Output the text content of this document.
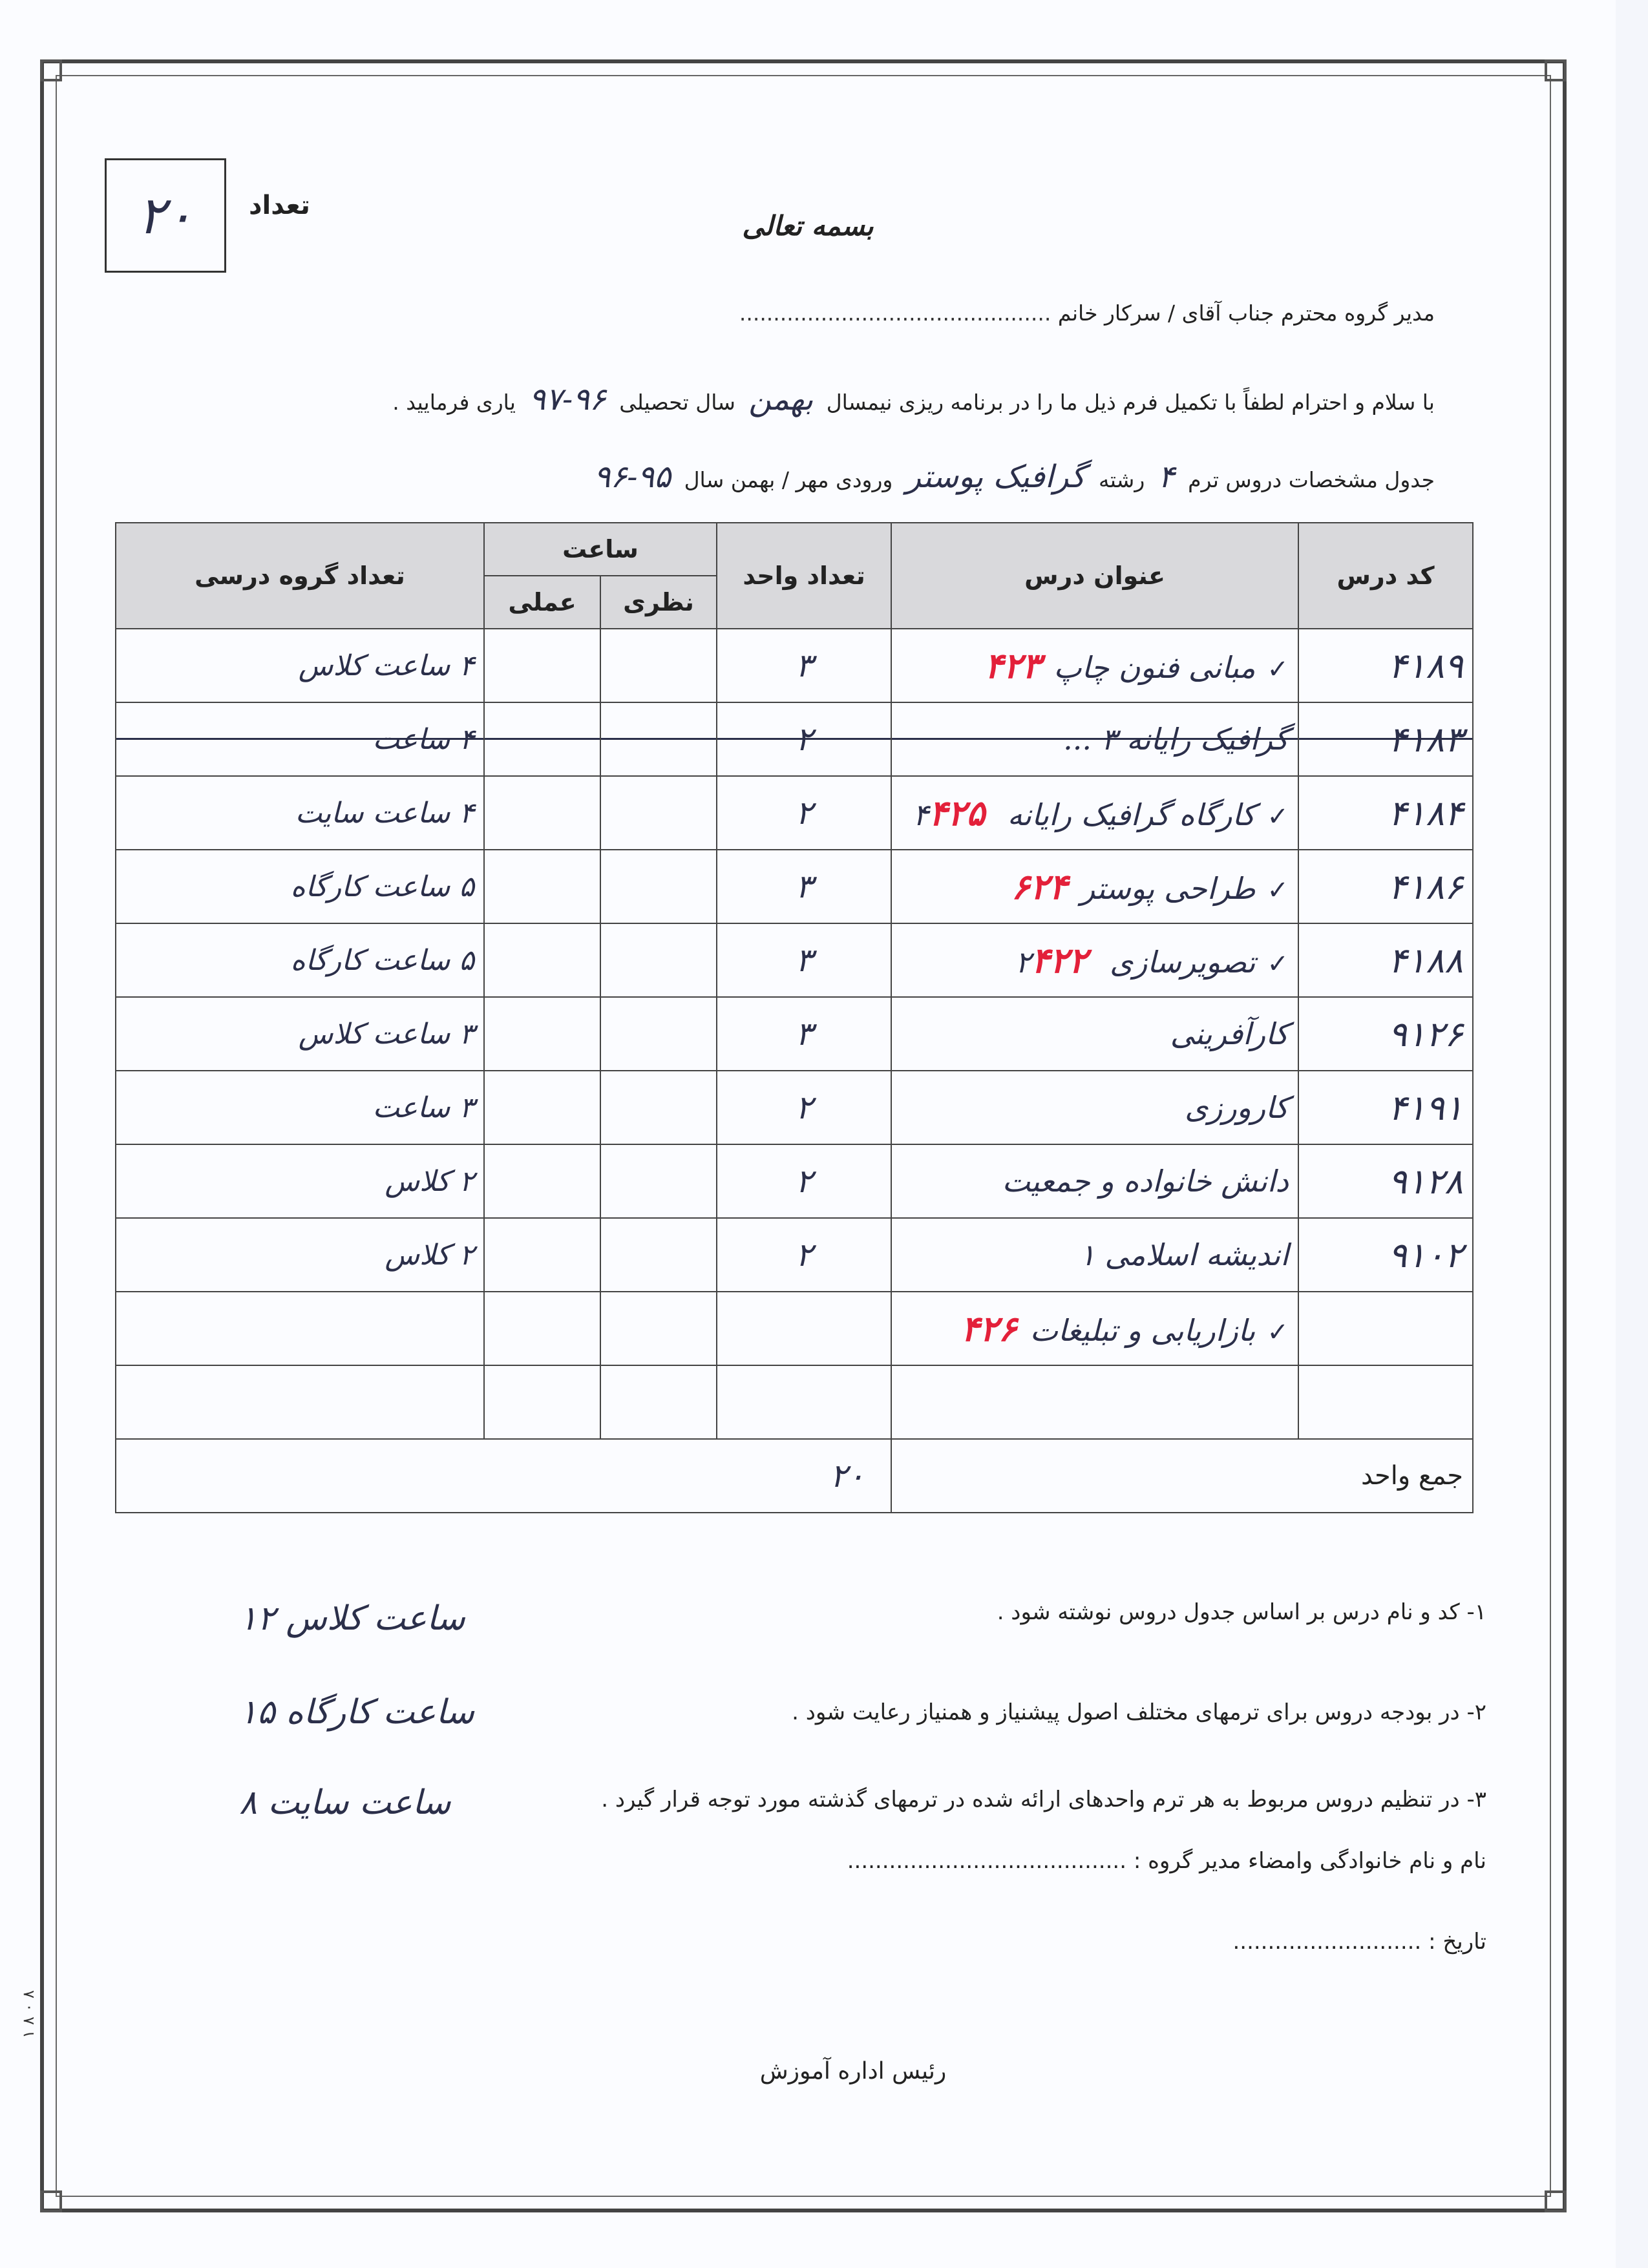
۲۰ تعداد
بسمه تعالی
مدیر گروه محترم جناب آقای / سرکار خانم ..............................................
با سلام و احترام لطفاً با تکمیل فرم ذیل ما را در برنامه ریزی نیمسال بهمن سال تحصیلی ۹۶-۹۷ یاری فرمایید .
جدول مشخصات دروس ترم ۴ رشته گرافیک پوستر ورودی مهر / بهمن سال ۹۵-۹۶
کد درس	عنوان درس	تعداد واحد	ساعت		تعداد گروه درسی
			نظری	عملی	
۴۱۸۹	✓مبانی فنون چاپ۴۲۳	۳			۴ ساعت کلاس
۴۱۸۳	گرافیک رایانه ۳ ...	۲			۴ ساعت
۴۱۸۴	✓کارگاه گرافیک رایانه ۴۴۲۵	۲			۴ ساعت سایت
۴۱۸۶	✓طراحی پوستر۶۲۴	۳			۵ ساعت کارگاه
۴۱۸۸	✓تصویرسازی ۲۴۲۲	۳			۵ ساعت کارگاه
۹۱۲۶	کارآفرینی	۳			۳ ساعت کلاس
۴۱۹۱	کارورزی	۲			۳ ساعت
۹۱۲۸	دانش خانواده و جمعیت	۲			۲ کلاس
۹۱۰۲	اندیشه اسلامی ۱	۲			۲ کلاس
	✓بازاریابی و تبلیغات۴۲۶				

جمع واحد		۲۰			
۱- کد و نام درس بر اساس جدول دروس نوشته شود .
۲- در بودجه دروس برای ترمهای مختلف اصول پیشنیاز و همنیاز رعایت شود .
۳- در تنظیم دروس مربوط به هر ترم واحدهای ارائه شده در ترمهای گذشته مورد توجه قرار گیرد .
۱۲ ساعت کلاس
۱۵ ساعت کارگاه
۸ ساعت سایت
نام و نام خانوادگی وامضاء مدیر گروه : ........................................
تاریخ : ...........................
رئیس اداره آموزش
۱ ۸ ۰ ۸
